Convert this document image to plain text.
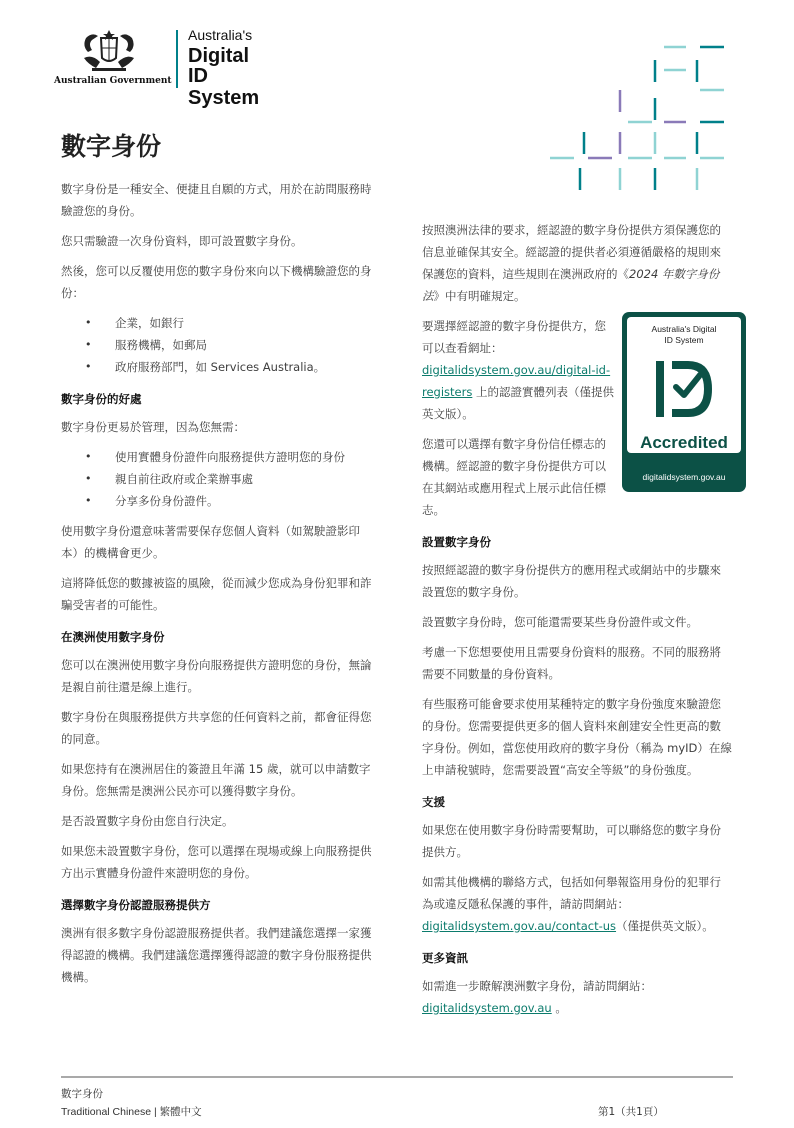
Australian Government
Australia's
Digital ID
System
數字身份

數字身份是一種安全、便捷且自願的方式，用於在訪問服務時驗證您的身份。

您只需驗證一次身份資料，即可設置數字身份。

然後，您可以反覆使用您的數字身份來向以下機構驗證您的身份：

• 企業，如銀行
• 服務機構，如郵局
• 政府服務部門，如 Services Australia。
數字身份的好處

數字身份更易於管理，因為您無需：

• 使用實體身份證件向服務提供方證明您的身份
• 親自前往政府或企業辦事處
• 分享多份身份證件。

使用數字身份還意味著需要保存您個人資料（如駕駛證影印本）的機構會更少。

這將降低您的數據被盜的風險，從而減少您成為身份犯罪和詐騙受害者的可能性。

在澳洲使用數字身份

您可以在澳洲使用數字身份向服務提供方證明您的身份，無論是親自前往還是線上進行。

數字身份在與服務提供方共享您的任何資料之前，都會征得您的同意。

如果您持有在澳洲居住的簽證且年滿 15 歲，就可以申請數字身份。您無需是澳洲公民亦可以獲得數字身份。

是否設置數字身份由您自行決定。

如果您未設置數字身份，您可以選擇在現場或線上向服務提供方出示實體身份證件來證明您的身份。

選擇數字身份認證服務提供方

澳洲有很多數字身份認證服務提供者。我們建議您選擇一家獲得認證的機構。我們建議您選擇獲得認證的數字身份服務提供機構。

按照澳洲法律的要求，經認證的數字身份提供方須保護您的信息並確保其安全。經認證的提供者必須遵循嚴格的規則來保護您的資料，這些規則在澳洲政府的《2024 年數字身份法》中有明確規定。

要選擇經認證的數字身份提供方，您可以查看網址：digitalidsystem.gov.au/digital-id-registers 上的認證實體列表（僅提供英文版）。

您還可以選擇有數字身份信任標志的機構。經認證的數字身份提供方可以在其網站或應用程式上展示此信任標志。

設置數字身份

按照經認證的數字身份提供方的應用程式或網站中的步驟來設置您的數字身份。

設置數字身份時，您可能還需要某些身份證件或文件。

考慮一下您想要使用且需要身份資料的服務。不同的服務將需要不同數量的身份資料。

有些服務可能會要求使用某種特定的數字身份強度來驗證您的身份。您需要提供更多的個人資料來創建安全性更高的數字身份。例如，當您使用政府的數字身份（稱為 myID）在線上申請稅號時，您需要設置“高安全等級”的身份強度。

支援

如果您在使用數字身份時需要幫助，可以聯絡您的數字身份提供方。

如需其他機構的聯絡方式，包括如何舉報盜用身份的犯罪行為或違反隱私保護的事件，請訪問網站：digitalidsystem.gov.au/contact-us（僅提供英文版）。

更多資訊

如需進一步瞭解澳洲數字身份，請訪問網站：digitalidsystem.gov.au 。

Australia's Digital
ID System
Accredited
digitalidsystem.gov.au
數字身份
Traditional Chinese | 繁體中文	第1（共1頁）
